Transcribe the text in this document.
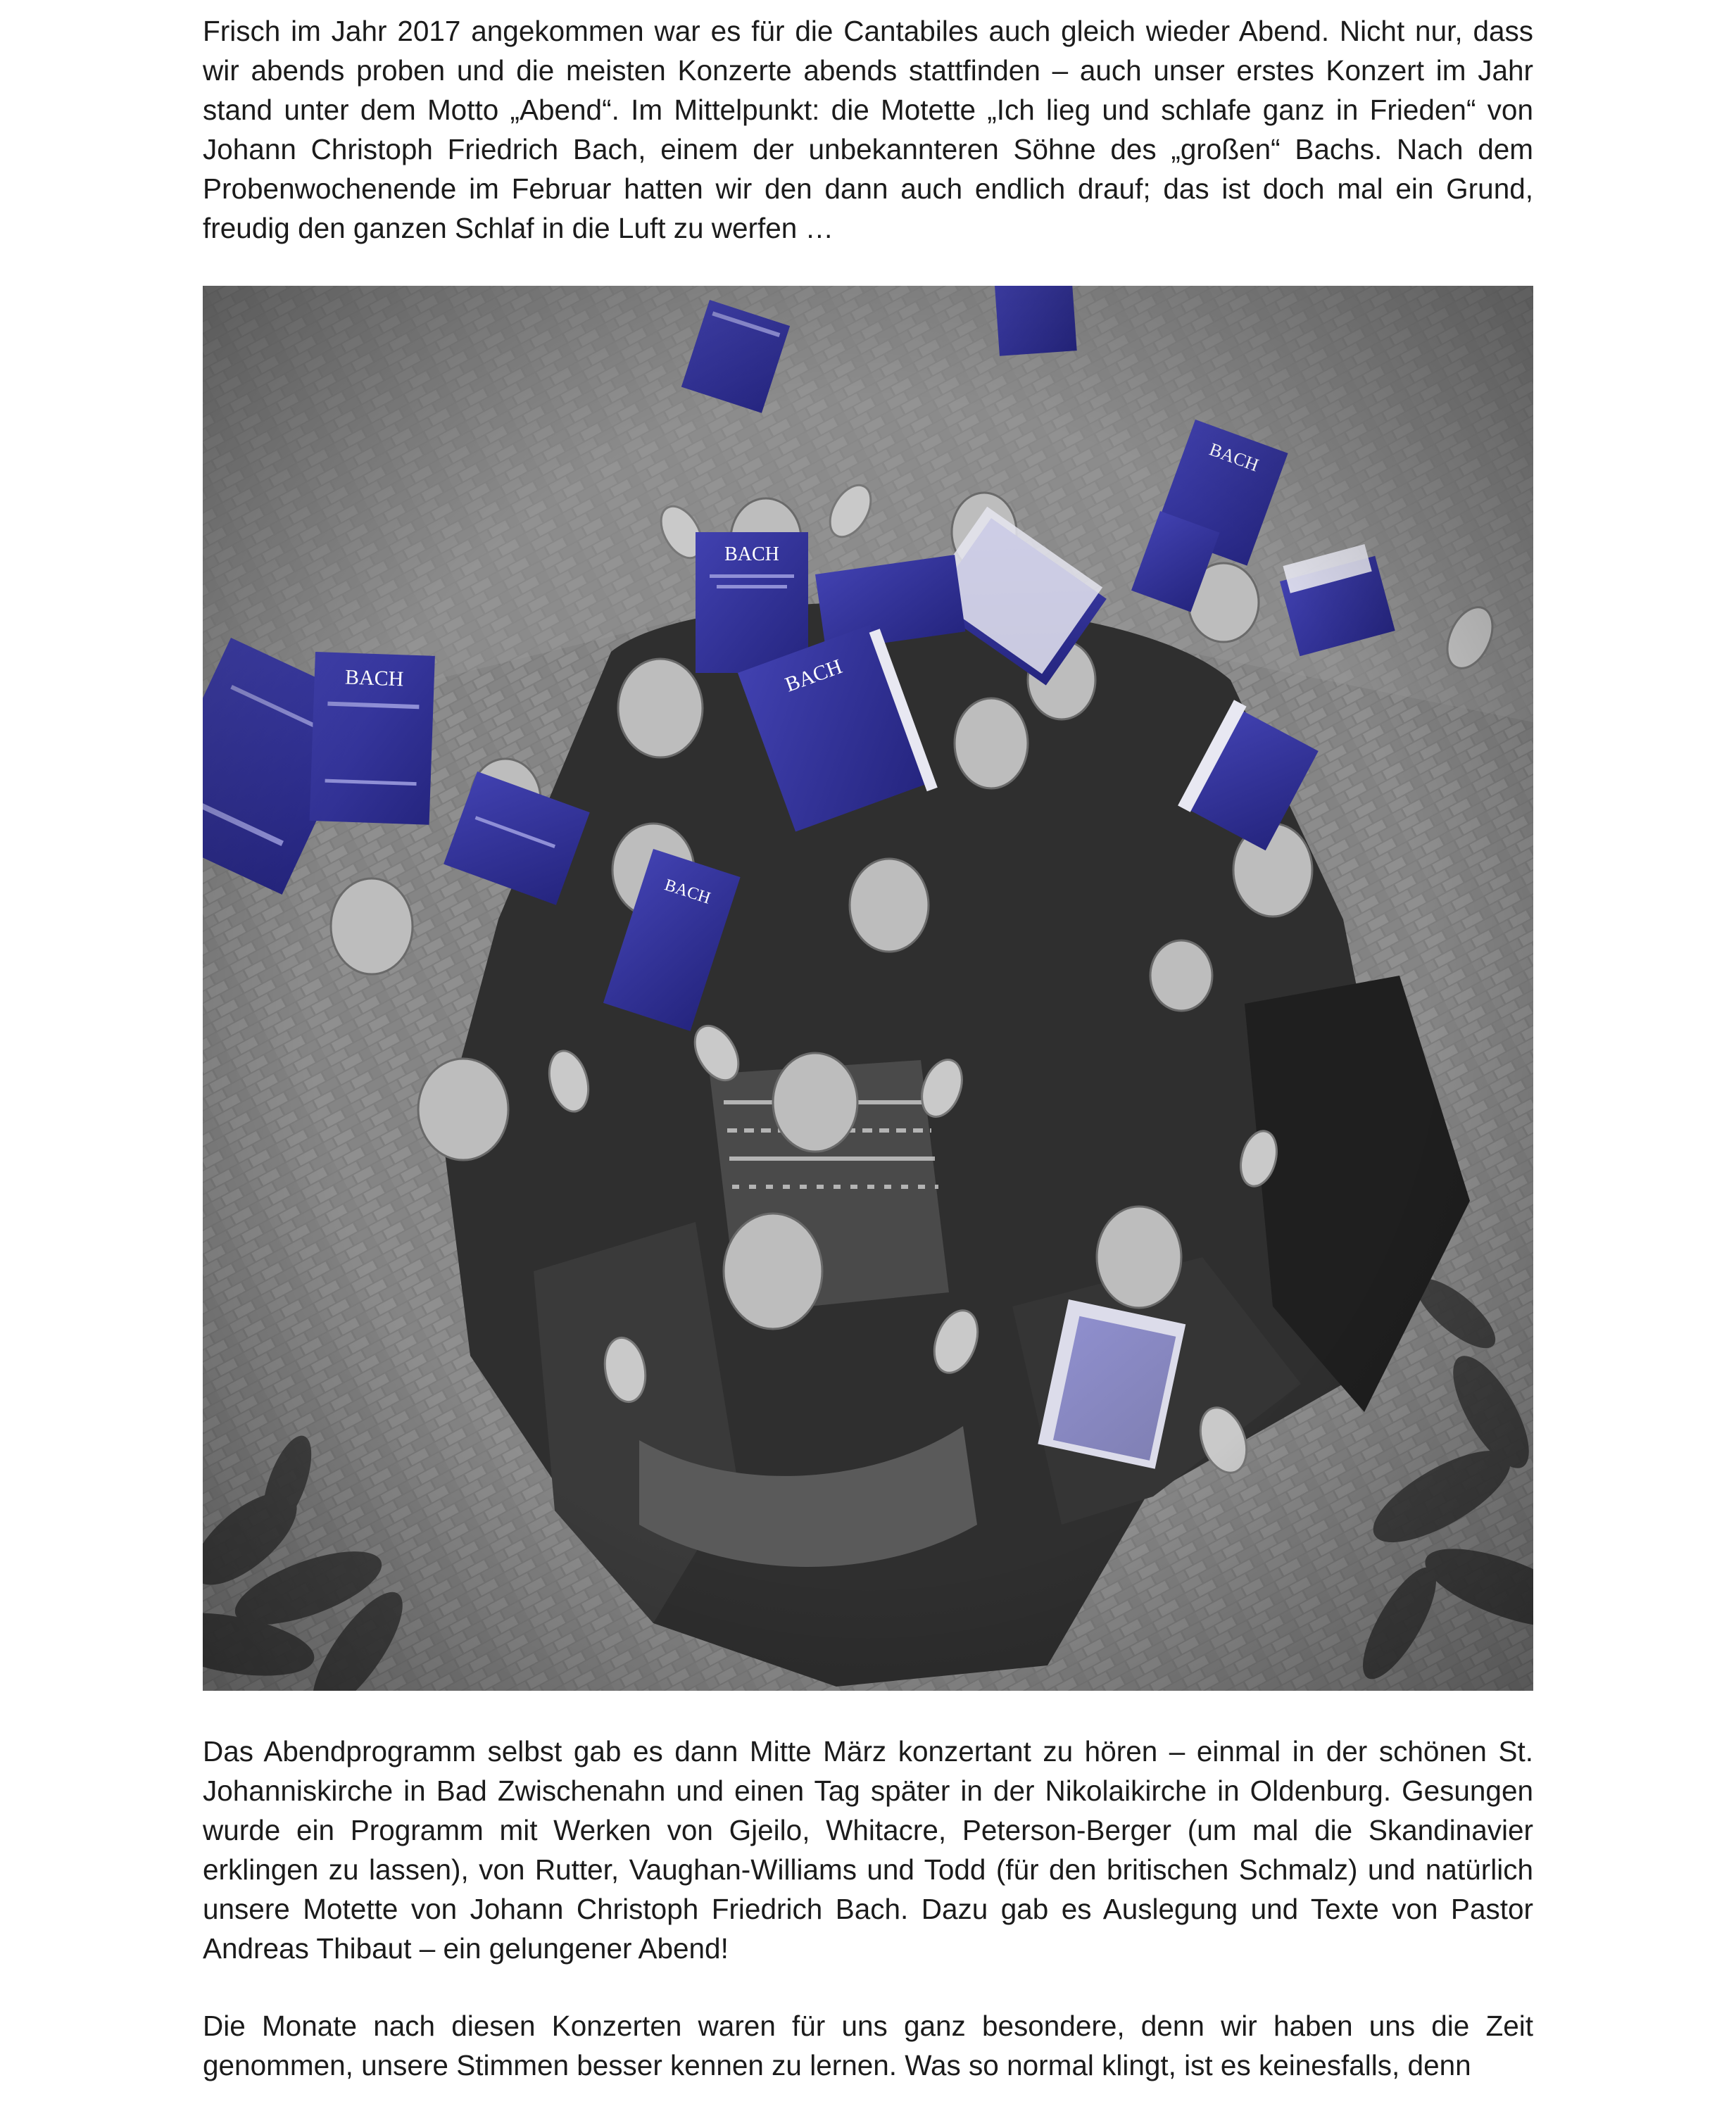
Frisch im Jahr 2017 angekommen war es für die Cantabiles auch gleich wieder Abend. Nicht nur, dass wir abends proben und die meisten Konzerte abends stattfinden – auch unser erstes Konzert im Jahr stand unter dem Motto „Abend“. Im Mittelpunkt: die Motette „Ich lieg und schlafe ganz in Frieden“ von Johann Christoph Friedrich Bach, einem der unbekannteren Söhne des „großen“ Bachs. Nach dem Probenwochenende im Februar hatten wir den dann auch endlich drauf; das ist doch mal ein Grund, freudig den ganzen Schlaf in die Luft zu werfen …

Das Abendprogramm selbst gab es dann Mitte März konzertant zu hören – einmal in der schönen St. Johanniskirche in Bad Zwischenahn und einen Tag später in der Nikolaikirche in Oldenburg. Gesungen wurde ein Programm mit Werken von Gjeilo, Whitacre, Peterson-Berger (um mal die Skandinavier erklingen zu lassen), von Rutter, Vaughan-Williams und Todd (für den britischen Schmalz) und natürlich unsere Motette von Johann Christoph Friedrich Bach. Dazu gab es Auslegung und Texte von Pastor Andreas Thibaut – ein gelungener Abend!

Die Monate nach diesen Konzerten waren für uns ganz besondere, denn wir haben uns die Zeit genommen, unsere Stimmen besser kennen zu lernen. Was so normal klingt, ist es keinesfalls, denn
